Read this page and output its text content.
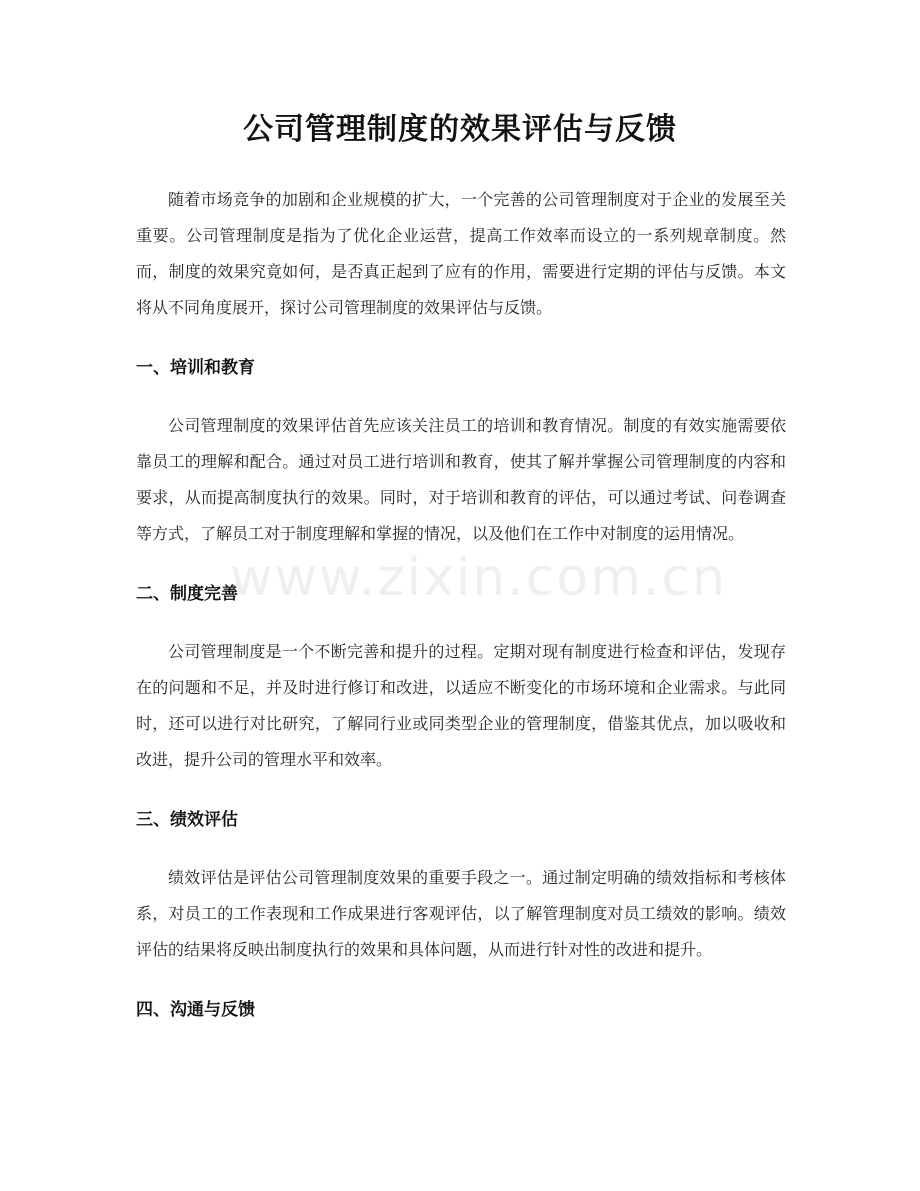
公司管理制度的效果评估与反馈

随着市场竞争的加剧和企业规模的扩大，一个完善的公司管理制度对于企业的发展至关重要。公司管理制度是指为了优化企业运营，提高工作效率而设立的一系列规章制度。然而，制度的效果究竟如何，是否真正起到了应有的作用，需要进行定期的评估与反馈。本文将从不同角度展开，探讨公司管理制度的效果评估与反馈。

一、培训和教育

公司管理制度的效果评估首先应该关注员工的培训和教育情况。制度的有效实施需要依靠员工的理解和配合。通过对员工进行培训和教育，使其了解并掌握公司管理制度的内容和要求，从而提高制度执行的效果。同时，对于培训和教育的评估，可以通过考试、问卷调查等方式，了解员工对于制度理解和掌握的情况，以及他们在工作中对制度的运用情况。

二、制度完善

公司管理制度是一个不断完善和提升的过程。定期对现有制度进行检查和评估，发现存在的问题和不足，并及时进行修订和改进，以适应不断变化的市场环境和企业需求。与此同时，还可以进行对比研究，了解同行业或同类型企业的管理制度，借鉴其优点，加以吸收和改进，提升公司的管理水平和效率。

三、绩效评估

绩效评估是评估公司管理制度效果的重要手段之一。通过制定明确的绩效指标和考核体系，对员工的工作表现和工作成果进行客观评估，以了解管理制度对员工绩效的影响。绩效评估的结果将反映出制度执行的效果和具体问题，从而进行针对性的改进和提升。

四、沟通与反馈

www.zixin.com.cn
